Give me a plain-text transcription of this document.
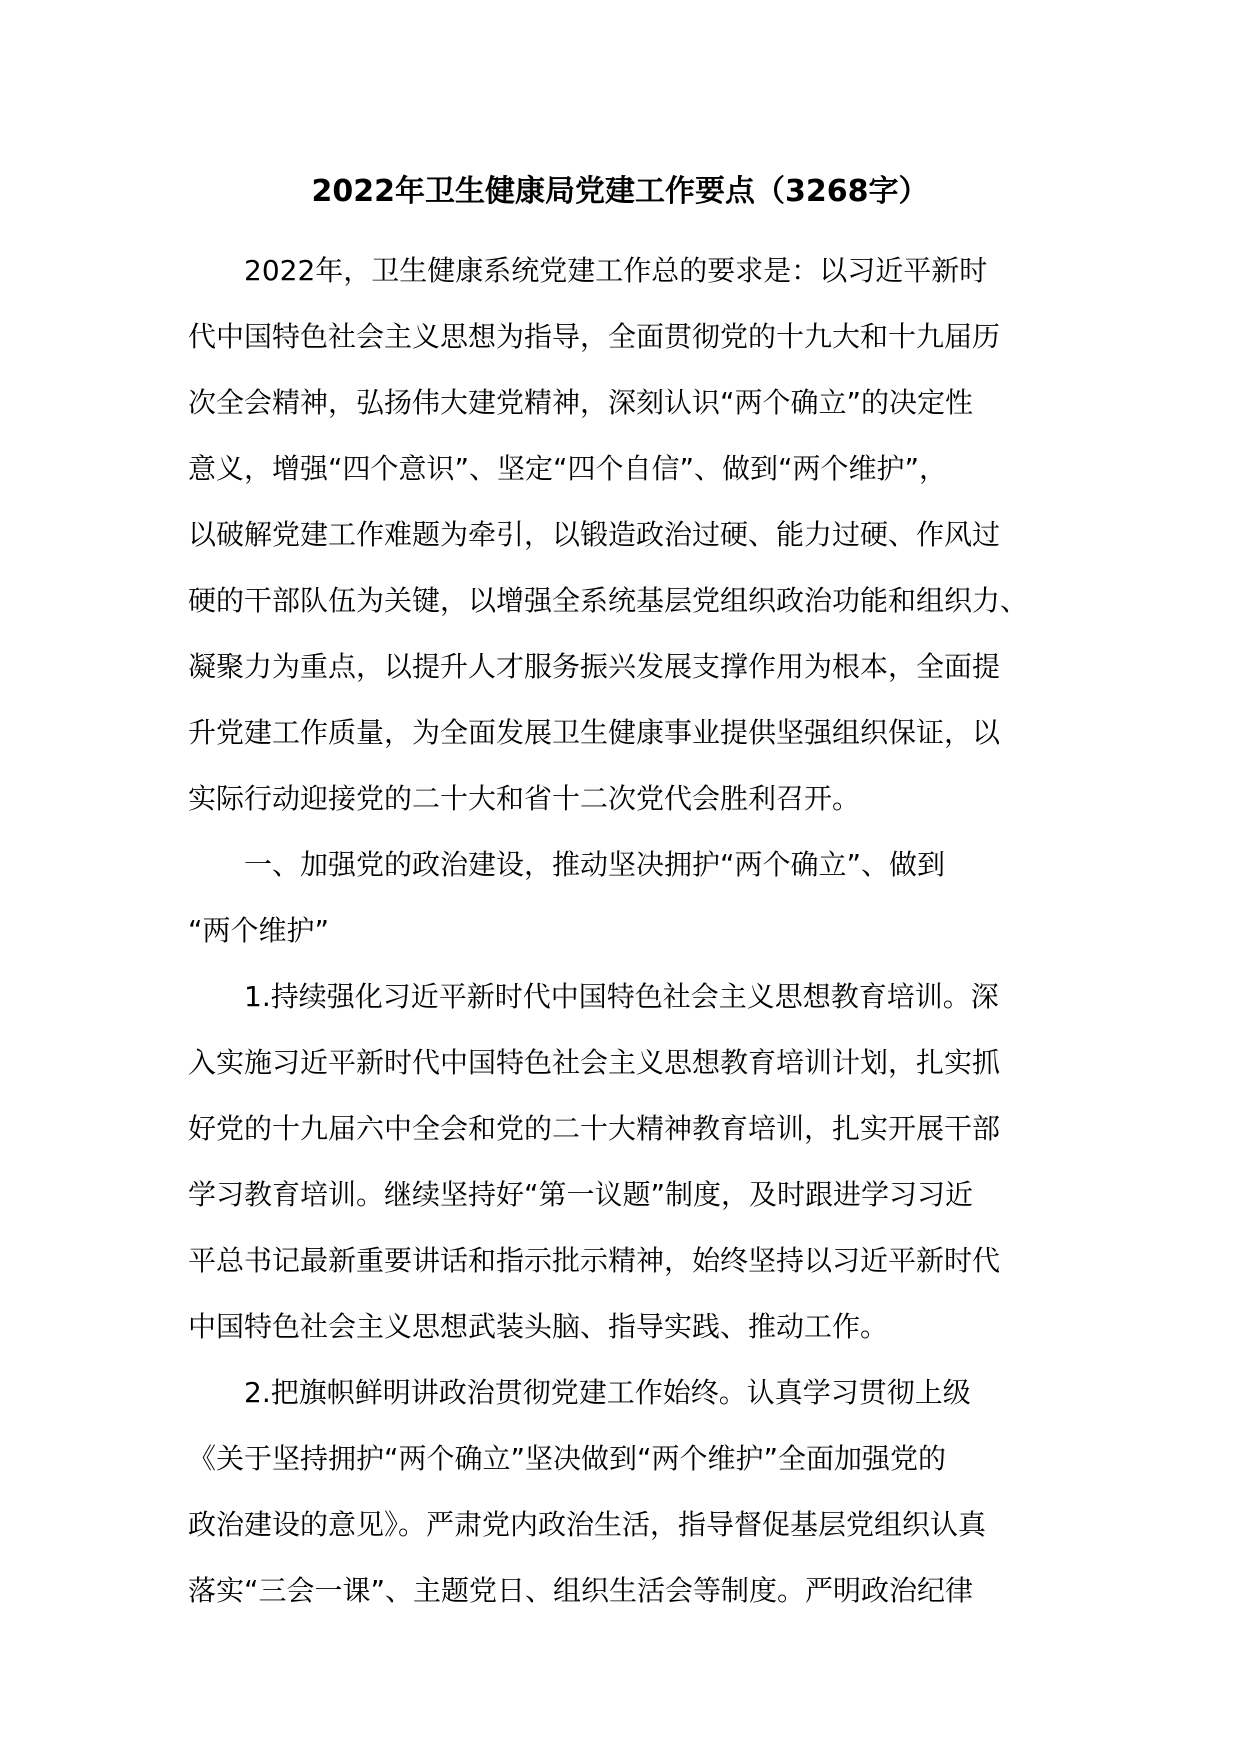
2022年卫生健康局党建工作要点（3268字）
2022年，卫生健康系统党建工作总的要求是：以习近平新时
代中国特色社会主义思想为指导，全面贯彻党的十九大和十九届历
次全会精神，弘扬伟大建党精神，深刻认识“两个确立”的决定性
意义，增强“四个意识”、坚定“四个自信”、做到“两个维护”，
以破解党建工作难题为牵引，以锻造政治过硬、能力过硬、作风过
硬的干部队伍为关键，以增强全系统基层党组织政治功能和组织力、
凝聚力为重点，以提升人才服务振兴发展支撑作用为根本，全面提
升党建工作质量，为全面发展卫生健康事业提供坚强组织保证，以
实际行动迎接党的二十大和省十二次党代会胜利召开。
一、加强党的政治建设，推动坚决拥护“两个确立”、做到
“两个维护”
1.持续强化习近平新时代中国特色社会主义思想教育培训。深
入实施习近平新时代中国特色社会主义思想教育培训计划，扎实抓
好党的十九届六中全会和党的二十大精神教育培训，扎实开展干部
学习教育培训。继续坚持好“第一议题”制度，及时跟进学习习近
平总书记最新重要讲话和指示批示精神，始终坚持以习近平新时代
中国特色社会主义思想武装头脑、指导实践、推动工作。
2.把旗帜鲜明讲政治贯彻党建工作始终。认真学习贯彻上级
《关于坚持拥护“两个确立”坚决做到“两个维护”全面加强党的
政治建设的意见》。严肃党内政治生活，指导督促基层党组织认真
落实“三会一课”、主题党日、组织生活会等制度。严明政治纪律
